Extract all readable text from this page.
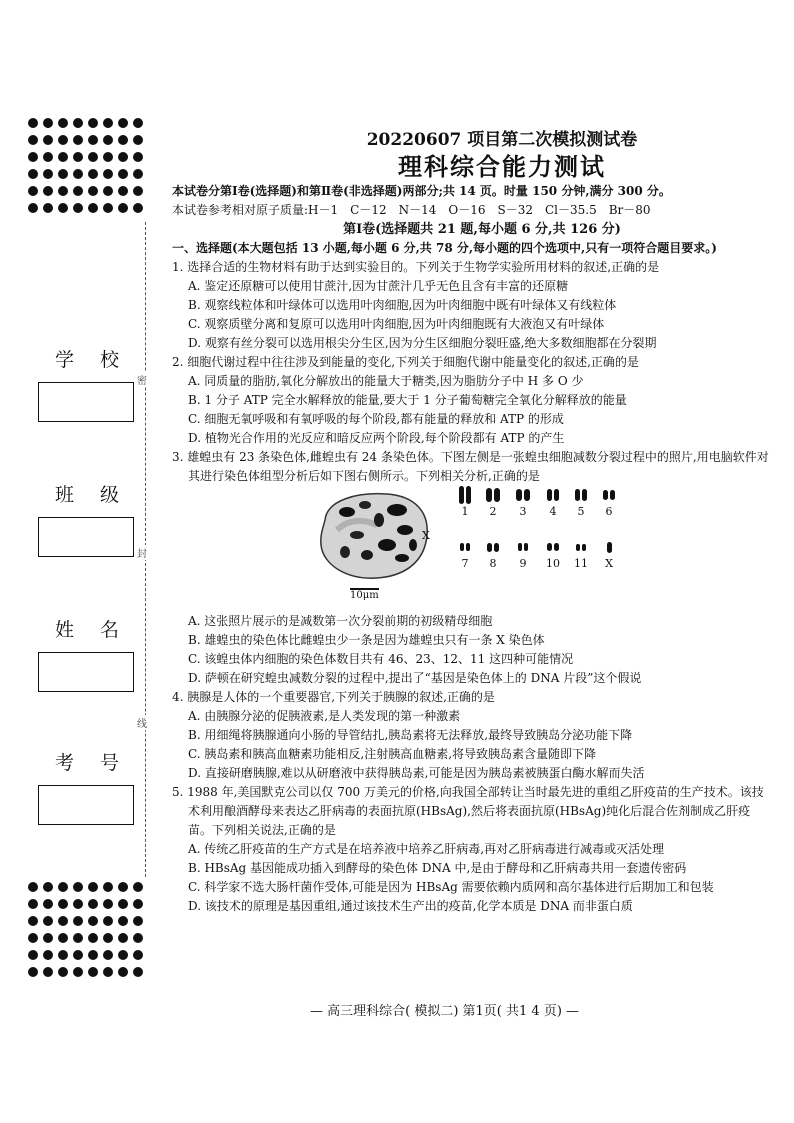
密
封
线
学 校
班 级
姓 名
考 号
20220607 项目第二次模拟测试卷
理科综合能力测试

本试卷分第Ⅰ卷(选择题)和第Ⅱ卷(非选择题)两部分;共 14 页。时量 150 分钟,满分 300 分。

本试卷参考相对原子质量:H－1　C－12　N－14　O－16　S－32　Cl－35.5　Br－80

第Ⅰ卷(选择题共 21 题,每小题 6 分,共 126 分)

一、选择题(本大题包括 13 小题,每小题 6 分,共 78 分,每小题的四个选项中,只有一项符合题目要求。)

1. 选择合适的生物材料有助于达到实验目的。下列关于生物学实验所用材料的叙述,正确的是
A. 鉴定还原糖可以使用甘蔗汁,因为甘蔗汁几乎无色且含有丰富的还原糖
B. 观察线粒体和叶绿体可以选用叶肉细胞,因为叶肉细胞中既有叶绿体又有线粒体
C. 观察质壁分离和复原可以选用叶肉细胞,因为叶肉细胞既有大液泡又有叶绿体
D. 观察有丝分裂可以选用根尖分生区,因为分生区细胞分裂旺盛,绝大多数细胞都在分裂期
2. 细胞代谢过程中往往涉及到能量的变化,下列关于细胞代谢中能量变化的叙述,正确的是
A. 同质量的脂肪,氧化分解放出的能量大于糖类,因为脂肪分子中 H 多 O 少
B. 1 分子 ATP 完全水解释放的能量,要大于 1 分子葡萄糖完全氧化分解释放的能量
C. 细胞无氧呼吸和有氧呼吸的每个阶段,都有能量的释放和 ATP 的形成
D. 植物光合作用的光反应和暗反应两个阶段,每个阶段都有 ATP 的产生
3. 雄蝗虫有 23 条染色体,雌蝗虫有 24 条染色体。下图左侧是一张蝗虫细胞减数分裂过程中的照片,用电脑软件对其进行染色体组型分析后如下图右侧所示。下列相关分析,正确的是
X
10μm
1	2	3	4	5	6
7	8	9	10	11	X
A. 这张照片展示的是减数第一次分裂前期的初级精母细胞
B. 雄蝗虫的染色体比雌蝗虫少一条是因为雄蝗虫只有一条 X 染色体
C. 该蝗虫体内细胞的染色体数目共有 46、23、12、11 这四种可能情况
D. 萨顿在研究蝗虫减数分裂的过程中,提出了“基因是染色体上的 DNA 片段”这个假说
4. 胰腺是人体的一个重要器官,下列关于胰腺的叙述,正确的是
A. 由胰腺分泌的促胰液素,是人类发现的第一种激素
B. 用细绳将胰腺通向小肠的导管结扎,胰岛素将无法释放,最终导致胰岛分泌功能下降
C. 胰岛素和胰高血糖素功能相反,注射胰高血糖素,将导致胰岛素含量随即下降
D. 直接研磨胰腺,难以从研磨液中获得胰岛素,可能是因为胰岛素被胰蛋白酶水解而失活
5. 1988 年,美国默克公司以仅 700 万美元的价格,向我国全部转让当时最先进的重组乙肝疫苗的生产技术。该技术利用酿酒酵母来表达乙肝病毒的表面抗原(HBsAg),然后将表面抗原(HBsAg)纯化后混合佐剂制成乙肝疫苗。下列相关说法,正确的是
A. 传统乙肝疫苗的生产方式是在培养液中培养乙肝病毒,再对乙肝病毒进行减毒或灭活处理
B. HBsAg 基因能成功插入到酵母的染色体 DNA 中,是由于酵母和乙肝病毒共用一套遗传密码
C. 科学家不选大肠杆菌作受体,可能是因为 HBsAg 需要依赖内质网和高尔基体进行后期加工和包装
D. 该技术的原理是基因重组,通过该技术生产出的疫苗,化学本质是 DNA 而非蛋白质
— 高三理科综合( 模拟二) 第1页( 共1 4 页) —
